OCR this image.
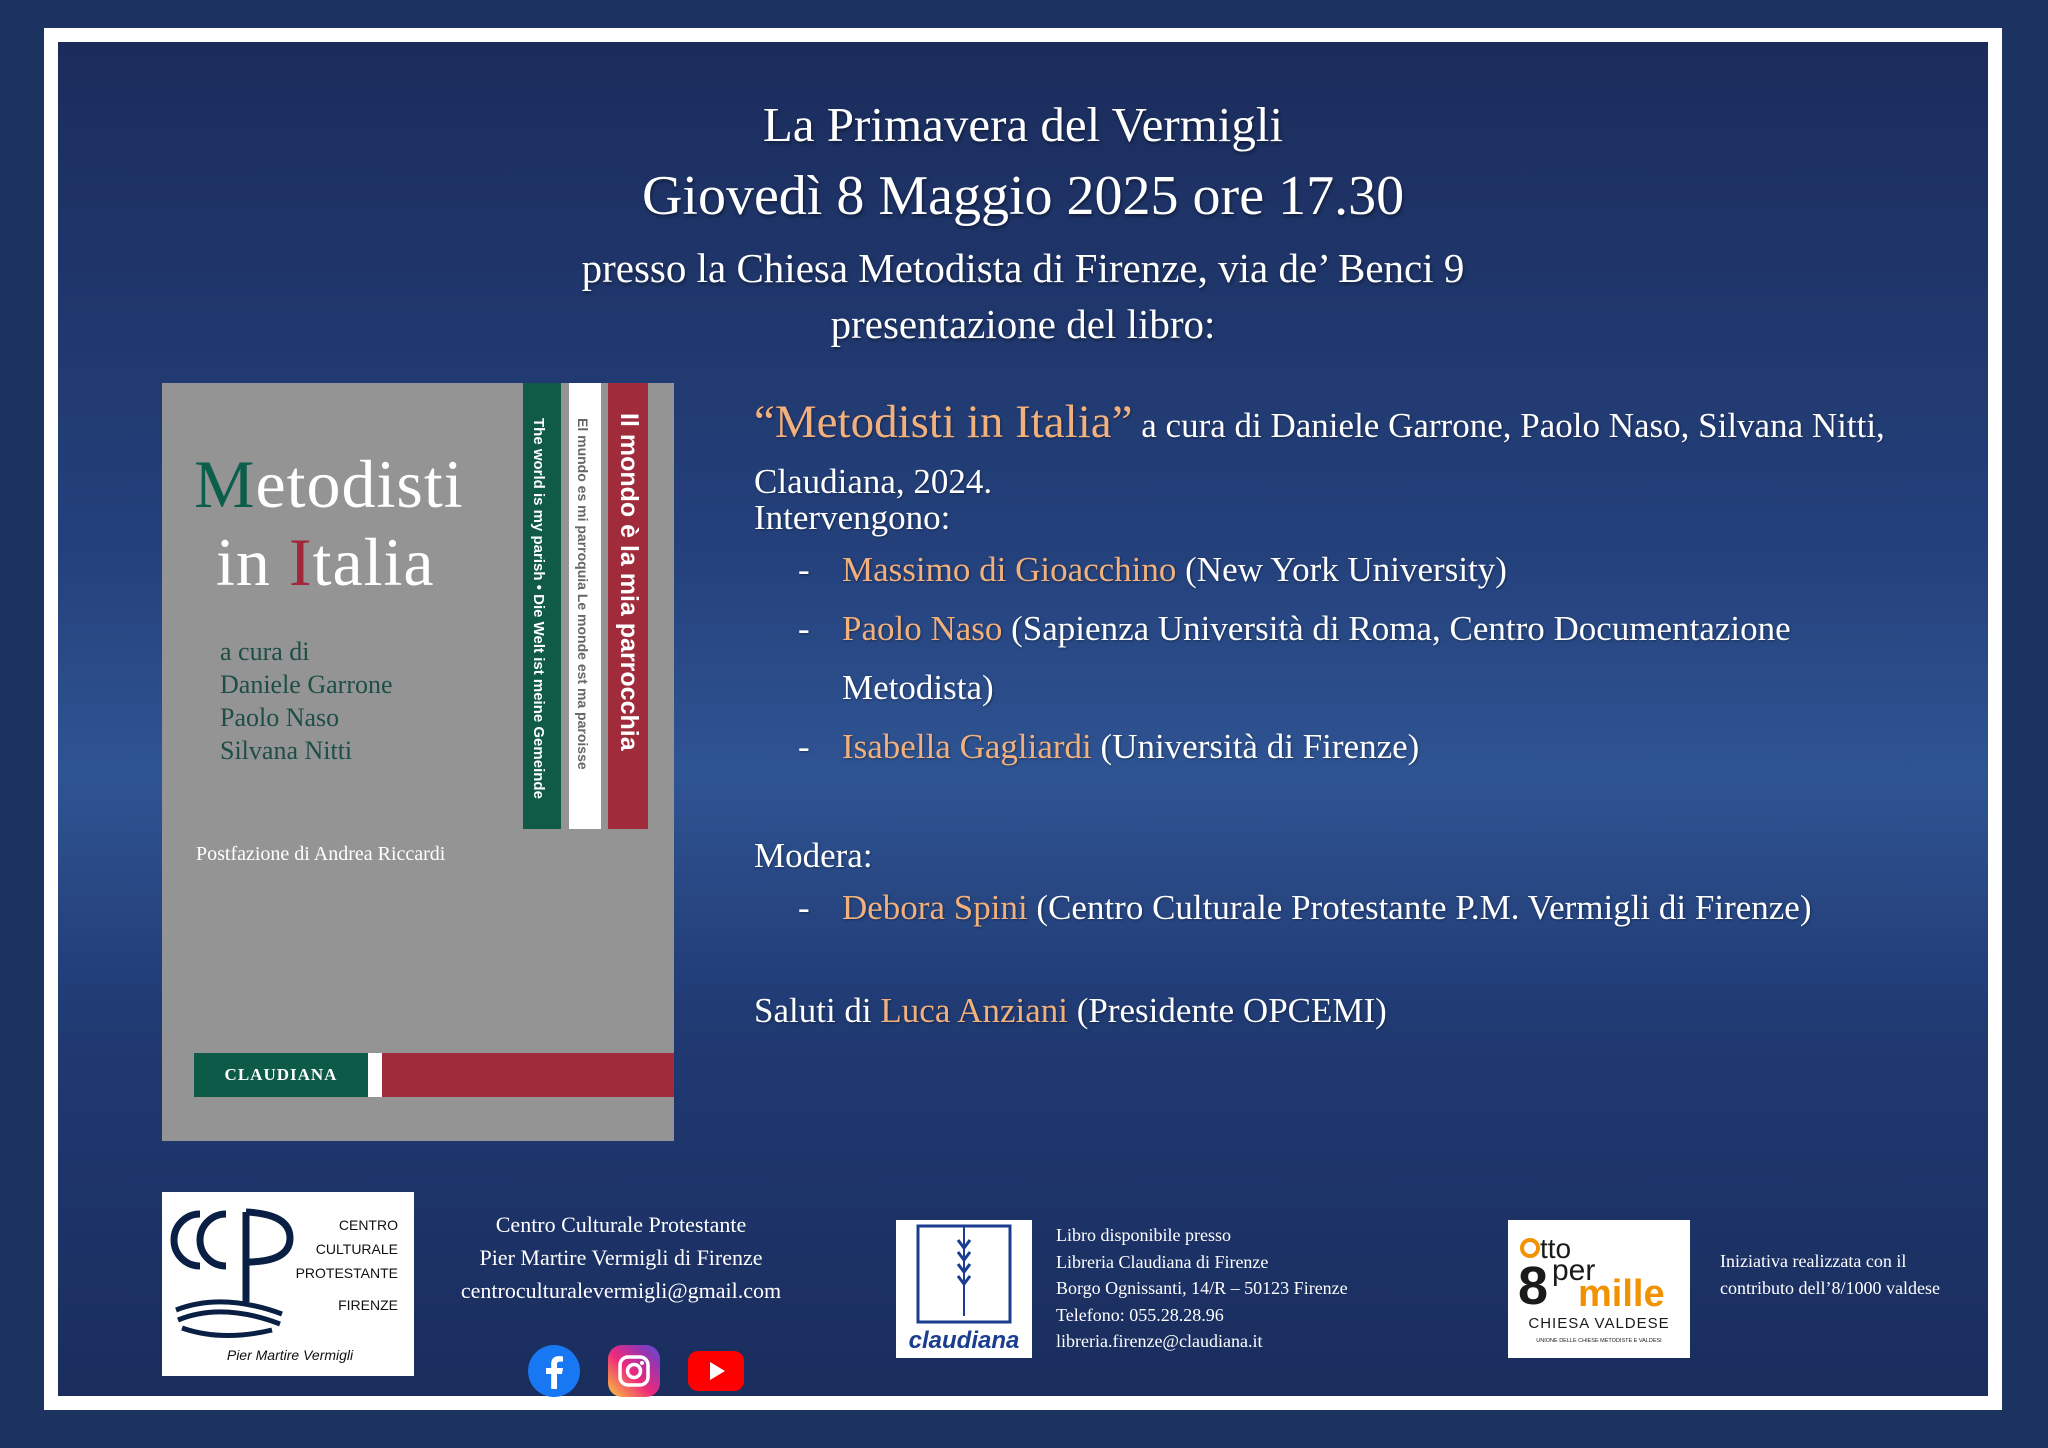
La Primavera del Vermigli
Giovedì 8 Maggio 2025 ore 17.30
presso la Chiesa Metodista di Firenze, via de’ Benci 9
presentazione del libro:
Metodisti
in Italia
a cura di
Daniele Garrone
Paolo Naso
Silvana Nitti
Postfazione di Andrea Riccardi
The world is my parish • Die Welt ist meine Gemeinde El mundo es mi parroquia Le monde est ma paroisse Il mondo è la mia parrocchia
CLAUDIANA

“Metodisti in Italia” a cura di Daniele Garrone, Paolo Naso, Silvana Nitti, Claudiana, 2024.

Intervengono:
- Massimo di Gioacchino (New York University)
- Paolo Naso (Sapienza Università di Roma, Centro Documentazione
Metodista)
- Isabella Gagliardi (Università di Firenze)
Modera:
- Debora Spini (Centro Culturale Protestante P.M. Vermigli di Firenze)
Saluti di Luca Anziani (Presidente OPCEMI)
CENTRO
CULTURALE
PROTESTANTE
FIRENZE
Pier Martire Vermigli
Centro Culturale Protestante
Pier Martire Vermigli di Firenze
centroculturalevermigli@gmail.com
claudiana
Libro disponibile presso
Libreria Claudiana di Firenze
Borgo Ognissanti, 14/R – 50123 Firenze
Telefono: 055.28.28.96
libreria.firenze@claudiana.it
tto
8 per
mille
CHIESA VALDESE
UNIONE DELLE CHIESE METODISTE E VALDESI
Iniziativa realizzata con il contributo dell’8/1000 valdese
